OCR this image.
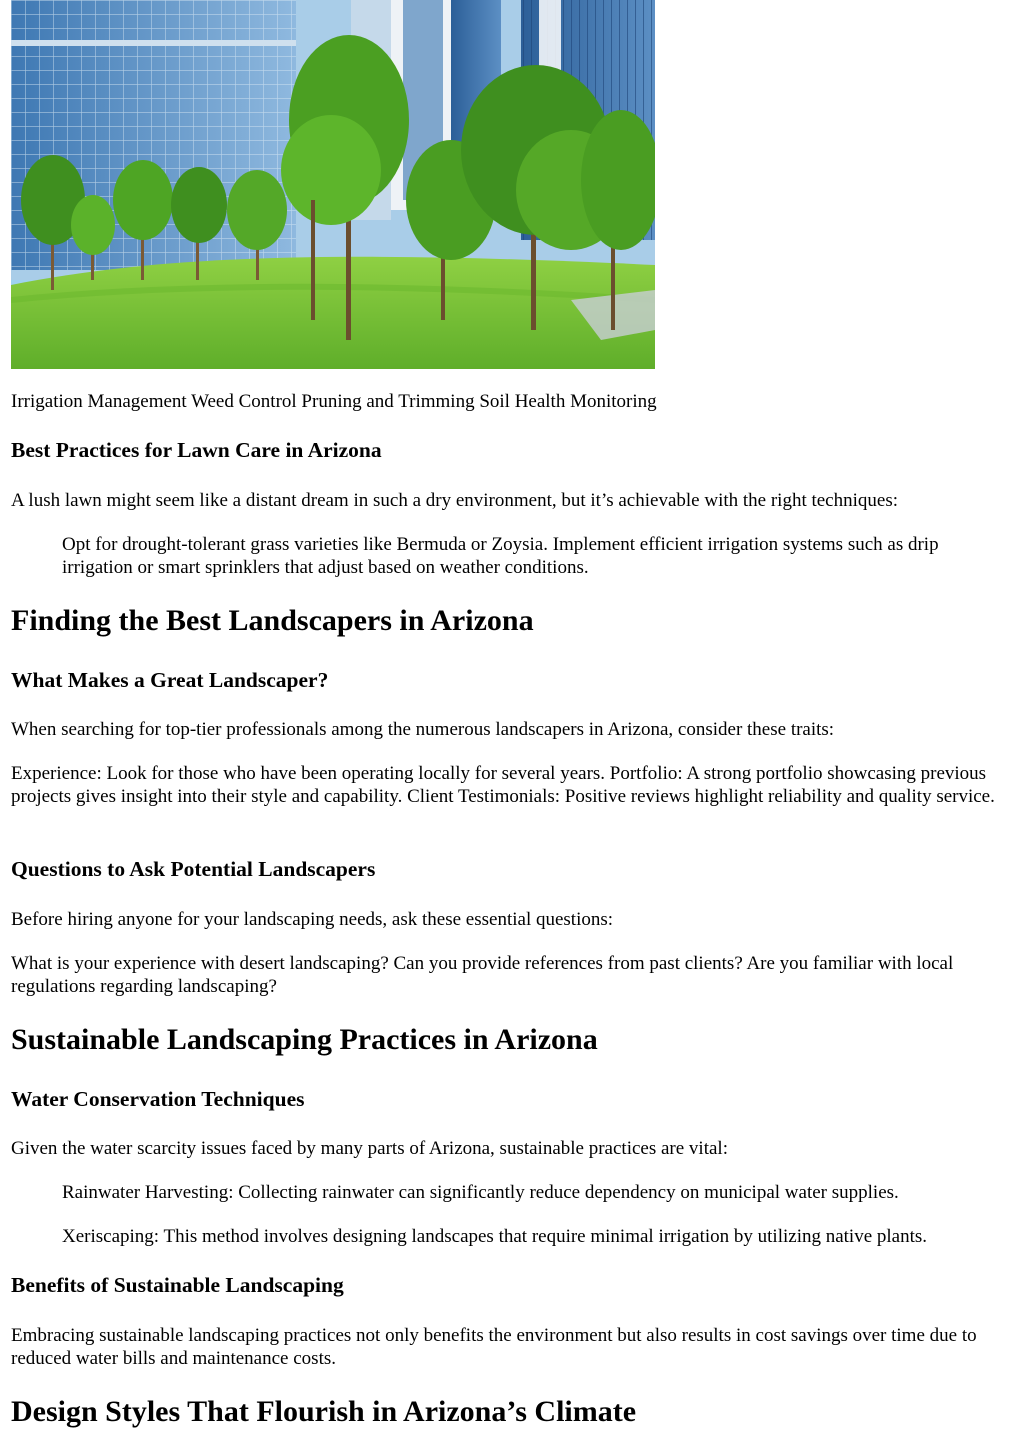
Irrigation Management Weed Control Pruning and Trimming Soil Health Monitoring

Best Practices for Lawn Care in Arizona

A lush lawn might seem like a distant dream in such a dry environment, but it’s achievable with the right techniques:

Opt for drought-tolerant grass varieties like Bermuda or Zoysia. Implement efficient irrigation systems such as drip irrigation or smart sprinklers that adjust based on weather conditions.

Finding the Best Landscapers in Arizona
What Makes a Great Landscaper?

When searching for top-tier professionals among the numerous landscapers in Arizona, consider these traits:

Experience: Look for those who have been operating locally for several years. Portfolio: A strong portfolio showcasing previous projects gives insight into their style and capability. Client Testimonials: Positive reviews highlight reliability and quality service.

Questions to Ask Potential Landscapers

Before hiring anyone for your landscaping needs, ask these essential questions:

What is your experience with desert landscaping? Can you provide references from past clients? Are you familiar with local regulations regarding landscaping?

Sustainable Landscaping Practices in Arizona
Water Conservation Techniques

Given the water scarcity issues faced by many parts of Arizona, sustainable practices are vital:

Rainwater Harvesting: Collecting rainwater can significantly reduce dependency on municipal water supplies.

Xeriscaping: This method involves designing landscapes that require minimal irrigation by utilizing native plants.

Benefits of Sustainable Landscaping

Embracing sustainable landscaping practices not only benefits the environment but also results in cost savings over time due to reduced water bills and maintenance costs.

Design Styles That Flourish in Arizona’s Climate
